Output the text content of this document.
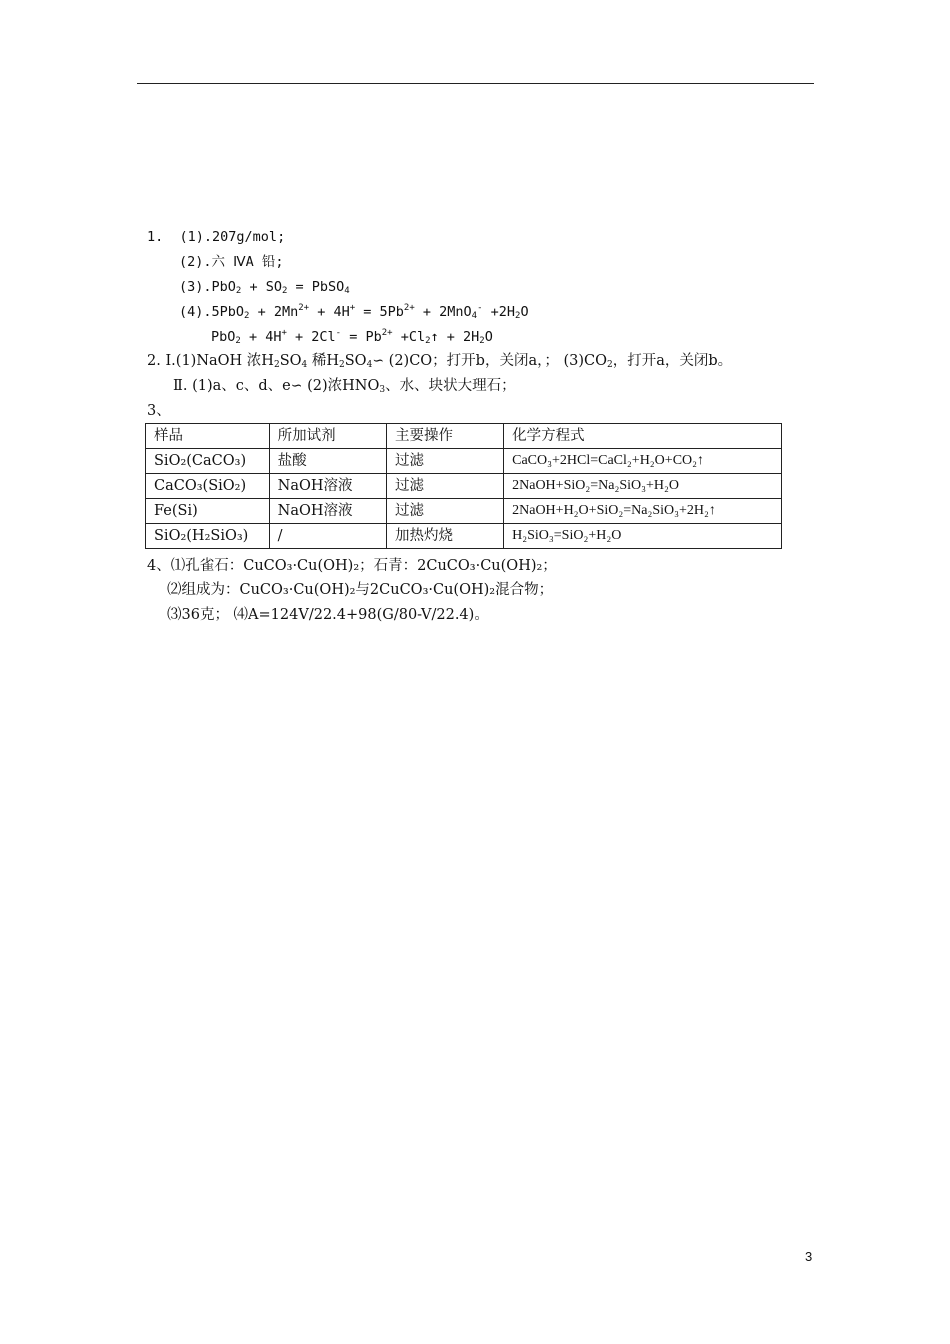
1. (1).207g/mol;
(2).六 ⅣA 铅;
$(3).PbO_2 + SO_2$ = PbSO$_4$
$(4).5PbO_2 + 2Mn^{2+} + 4H^+ = 5Pb^{2+} + 2MnO_4^- +2H_2O$
$PbO_2 + 4H^+ + 2Cl^- = Pb^{2+}$ $+Cl_2↑ + 2H_2O$
2. Ⅰ.(1)NaOH 浓$H_2SO_4$ 稀$H_2SO_4∽$ (2)CO；打开b，关闭a，； $(3)CO_2$，打开a，关闭b。
Ⅱ. (1)a、c、d、e∽ (2)浓$HNO_3$、水、块状大理石；
3、
样品	所加试剂	主要操作	化学方程式
SiO₂(CaCO₃)	盐酸	过滤	CaCO₃+2HCl=CaCl₂+H₂O+CO₂↑
CaCO₃(SiO₂)	NaOH溶液	过滤	2NaOH+SiO₂=Na₂SiO₃+H₂O
Fe(Si)	NaOH溶液	过滤	2NaOH+H₂O+SiO₂=Na₂SiO₃+2H₂↑
SiO₂(H₂SiO₃)	/	加热灼烧	H₂SiO₃=SiO₂+H₂O
4、⑴孔雀石：CuCO₃·Cu(OH)₂；石青：2CuCO₃·Cu(OH)₂；
⑵组成为：CuCO₃·Cu(OH)₂与2CuCO₃·Cu(OH)₂混合物；
⑶36克； ⑷A=124V/22.4+98(G/80-V/22.4)。
3
